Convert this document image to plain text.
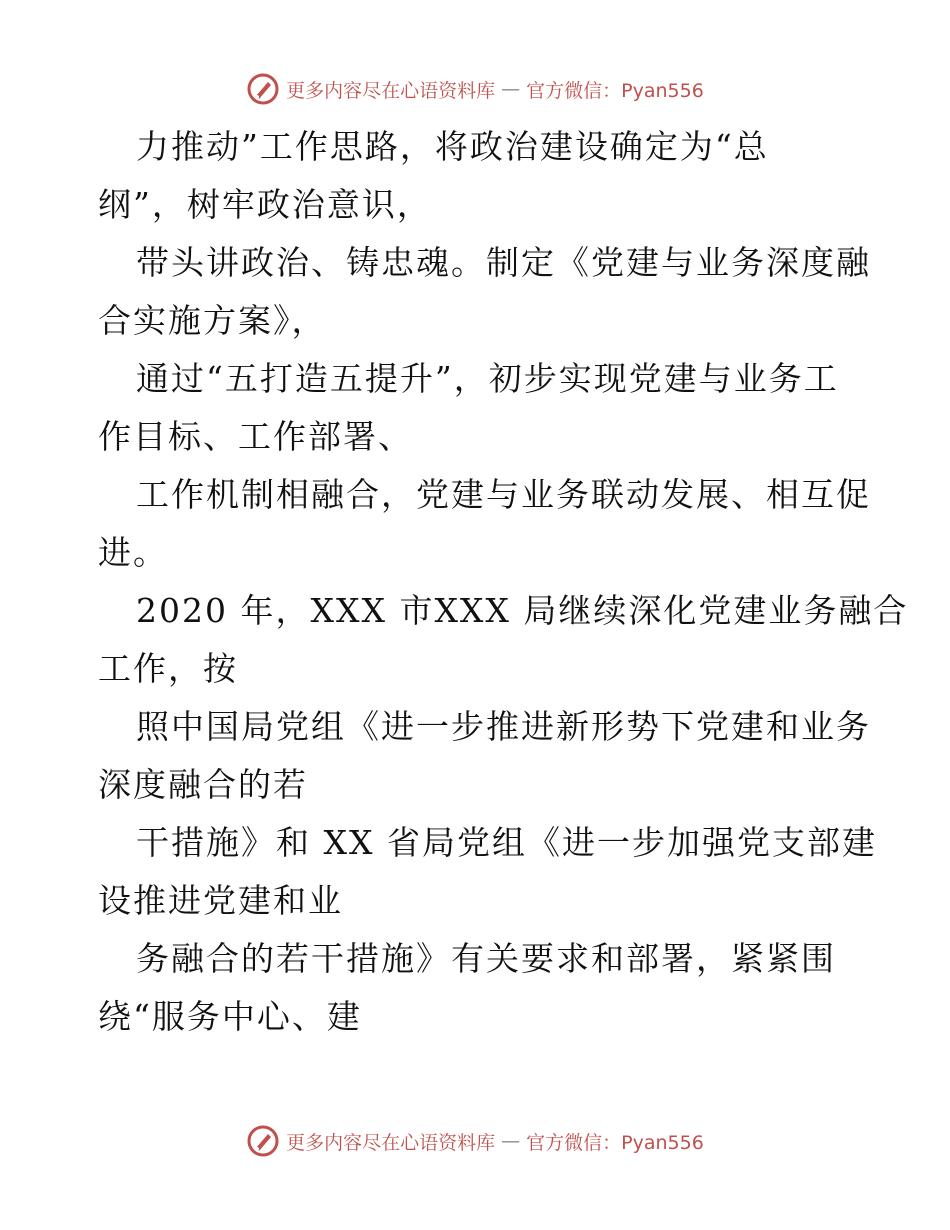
更多内容尽在心语资料库 — 官方微信：Pyan556
力推动”工作思路，将政治建设确定为“总
纲”，树牢政治意识，
带头讲政治、铸忠魂。制定《党建与业务深度融
合实施方案》，
通过“五打造五提升”，初步实现党建与业务工
作目标、工作部署、
工作机制相融合，党建与业务联动发展、相互促
进。
2020 年，XXX 市XXX 局继续深化党建业务融合
工作，按
照中国局党组《进一步推进新形势下党建和业务
深度融合的若
干措施》和 XX 省局党组《进一步加强党支部建
设推进党建和业
务融合的若干措施》有关要求和部署，紧紧围
绕“服务中心、建
更多内容尽在心语资料库 — 官方微信：Pyan556
